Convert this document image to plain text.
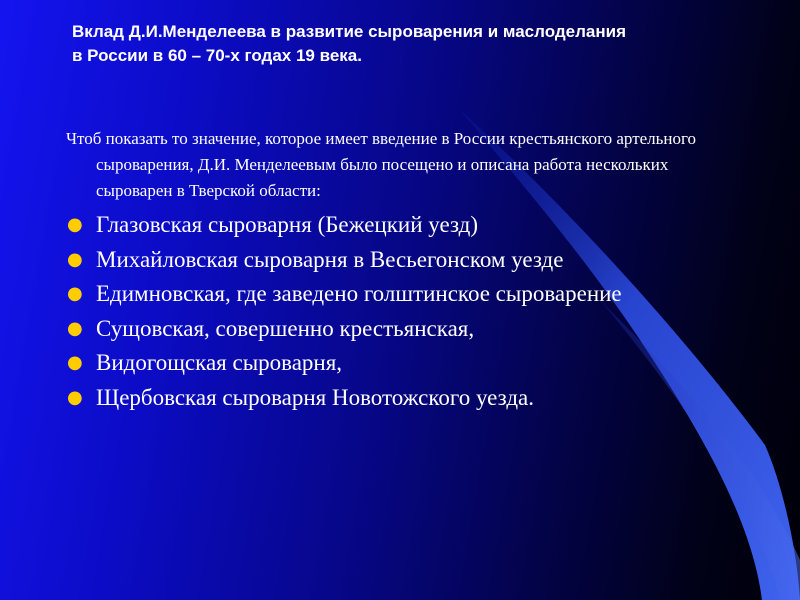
Вклад Д.И.Менделеева в развитие сыроварения и маслоделания
в России в 60 – 70-х годах 19 века.

Чтоб показать то значение, которое имеет введение в России крестьянского артельного сыроварения, Д.И. Менделеевым было посещено и описана работа нескольких сыроварен в Тверской области:

● Глазовская сыроварня (Бежецкий уезд)
● Михайловская сыроварня в Весьегонском уезде
● Едимновская, где заведено голштинское сыроварение
● Сущовская, совершенно крестьянская,
● Видогощская сыроварня,
● Щербовская сыроварня Новотожского уезда.
